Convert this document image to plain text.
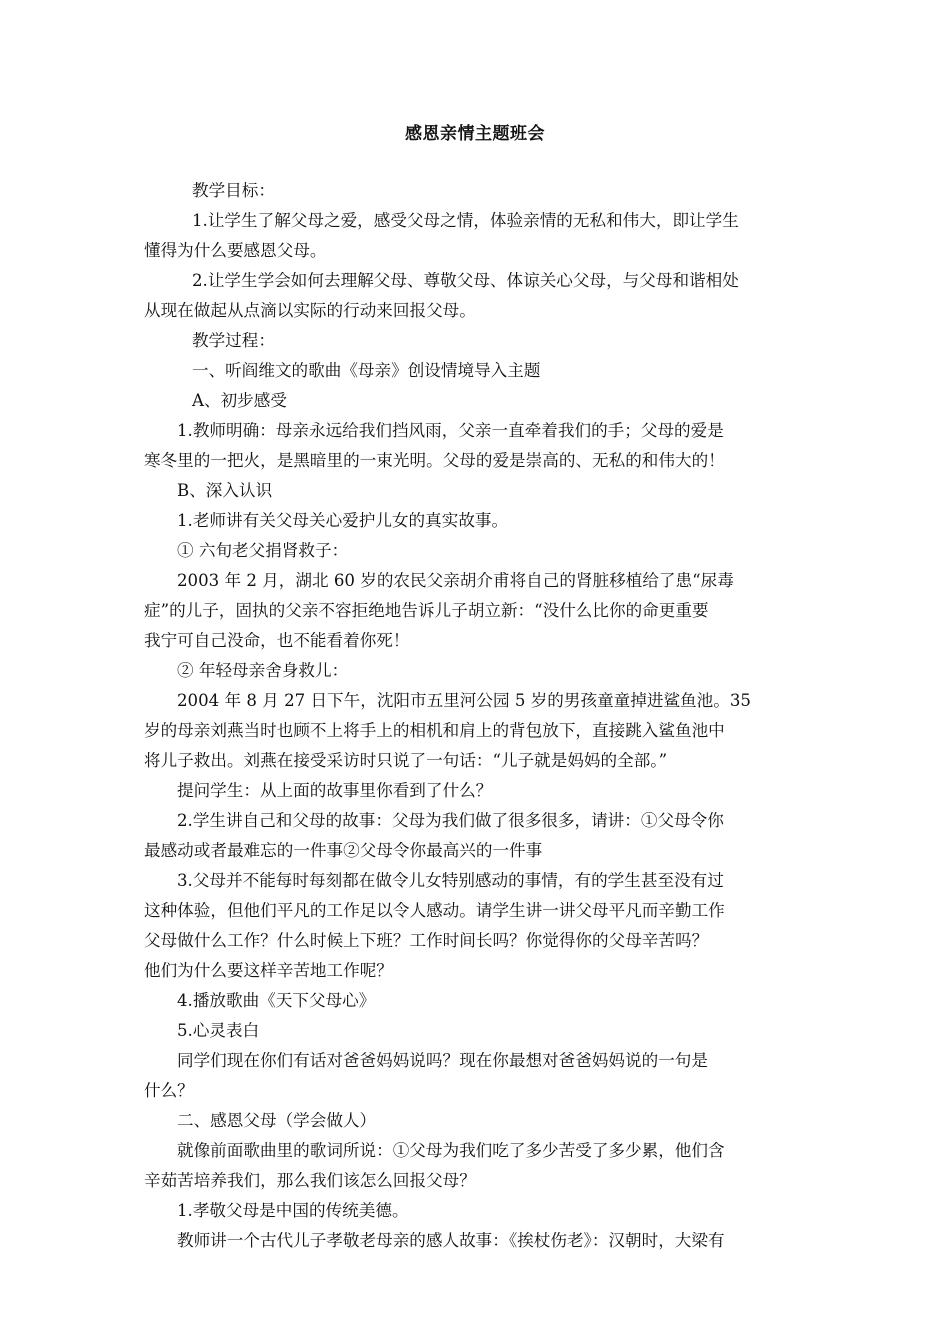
感恩亲情主题班会
教学目标：
1.让学生了解父母之爱，感受父母之情，体验亲情的无私和伟大，即让学生
懂得为什么要感恩父母。
2.让学生学会如何去理解父母、尊敬父母、体谅关心父母，与父母和谐相处
从现在做起从点滴以实际的行动来回报父母。
教学过程：
一、听阎维文的歌曲《母亲》创设情境导入主题
A、初步感受
1.教师明确：母亲永远给我们挡风雨，父亲一直牵着我们的手；父母的爱是
寒冬里的一把火，是黑暗里的一束光明。父母的爱是崇高的、无私的和伟大的！
B、深入认识
1.老师讲有关父母关心爱护儿女的真实故事。
① 六旬老父捐肾救子：
2003 年 2 月，湖北 60 岁的农民父亲胡介甫将自己的肾脏移植给了患“尿毒
症”的儿子，固执的父亲不容拒绝地告诉儿子胡立新：“没什么比你的命更重要
我宁可自己没命，也不能看着你死！
② 年轻母亲舍身救儿：
2004 年 8 月 27 日下午，沈阳市五里河公园 5 岁的男孩童童掉进鲨鱼池。35
岁的母亲刘燕当时也顾不上将手上的相机和肩上的背包放下，直接跳入鲨鱼池中
将儿子救出。刘燕在接受采访时只说了一句话：“儿子就是妈妈的全部。”
提问学生：从上面的故事里你看到了什么？
2.学生讲自己和父母的故事：父母为我们做了很多很多，请讲：①父母令你
最感动或者最难忘的一件事②父母令你最高兴的一件事
3.父母并不能每时每刻都在做令儿女特别感动的事情，有的学生甚至没有过
这种体验，但他们平凡的工作足以令人感动。请学生讲一讲父母平凡而辛勤工作
父母做什么工作？什么时候上下班？工作时间长吗？你觉得你的父母辛苦吗？
他们为什么要这样辛苦地工作呢？
4.播放歌曲《天下父母心》
5.心灵表白
同学们现在你们有话对爸爸妈妈说吗？现在你最想对爸爸妈妈说的一句是
什么？
二、感恩父母（学会做人）
就像前面歌曲里的歌词所说：①父母为我们吃了多少苦受了多少累，他们含
辛茹苦培养我们，那么我们该怎么回报父母？
1.孝敬父母是中国的传统美德。
教师讲一个古代儿子孝敬老母亲的感人故事：《挨杖伤老》：汉朝时，大梁有
